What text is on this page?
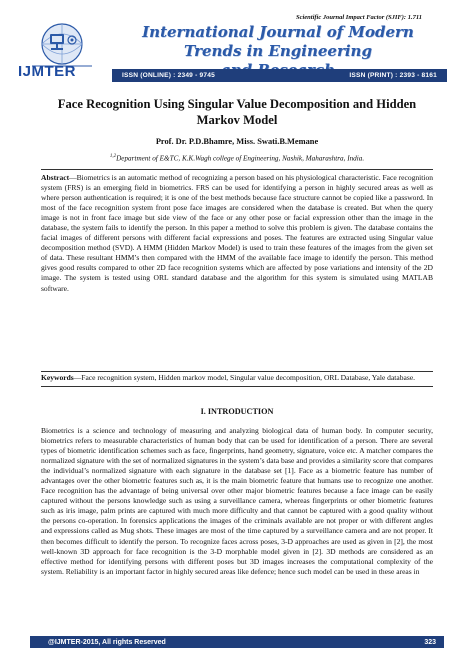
Scientific Journal Impact Factor (SJIF): 1.711
IJMTER
International Journal of Modern Trends in Engineering
ISSN (ONLINE) : 2349 - 9745	ISSN (PRINT) : 2393 - 8161
Face Recognition Using Singular Value Decomposition and Hidden
Markov Model
Prof. Dr. P.D.Bhamre, Miss. Swati.B.Memane
$^{1,2}$Department of E&TC, K.K.Wagh college of Engineering, Nashik, Maharashtra, India.
Abstract—Biometrics is an automatic method of recognizing a person based on his physiological characteristic. Face recognition system (FRS) is an emerging field in biometrics. FRS can be used for identifying a person in highly secured areas as well as where person authentication is required; it is one of the best methods because face structure cannot be copied like a password. In most of the face recognition system front pose face images are considered when the database is created. But when the query image is not in front face image but side view of the face or any other pose or facial expression other than the image in the database, the system fails to identify the person. In this paper a method to solve this problem is given. The database contains the facial images of different persons with different facial expressions and poses. The features are extracted using Singular value decomposition method (SVD). A HMM (Hidden Markov Model) is used to train these features of the images from the given set of data. These resultant HMM’s then compared with the HMM of the available face image to identify the person. This method gives good results compared to other 2D face recognition systems which are affected by pose variations and intensity of the 2D image. The system is tested using ORL standard database and the algorithm for this system is simulated using MATLAB software.
Keywords—Face recognition system, Hidden markov model, Singular value decomposition, ORL Database, Yale database.
I. INTRODUCTION

Biometrics is a science and technology of measuring and analyzing biological data of human body. In computer security, biometrics refers to measurable characteristics of human body that can be used for identification of a person. There are several types of biometric identification schemes such as face, fingerprints, hand geometry, signature, voice etc. A matcher compares the normalized signature with the set of normalized signatures in the system’s data base and provides a similarity score that compares the individual’s normalized signature with each signature in the database set [1]. Face as a biometric feature has number of advantages over the other biometric features such as, it is the main biometric feature that humans use to recognize one another. Face recognition has the advantage of being universal over other major biometric features because a face image can be easily captured without the persons knowledge such as using a surveillance camera, whereas fingerprints or other biometric features such as iris image, palm prints are captured with much more difficulty and that cannot be captured with a good quality without the persons co-operation. In forensics applications the images of the criminals available are not proper or with different angles and expressions called as Mug shots. These images are most of the time captured by a surveillance camera and are not proper. It then becomes difficult to identify the person. To recognize faces across poses, 3-D approaches are used as given in [2], the most well-known 3D approach for face recognition is the 3-D morphable model given in [2]. 3D methods are considered as an effective method for identifying persons with different poses but 3D images increases the computational complexity of the system. Reliability is an important factor in highly secured areas like defence; hence such model can be used in these areas in

@IJMTER-2015, All rights Reserved	323
